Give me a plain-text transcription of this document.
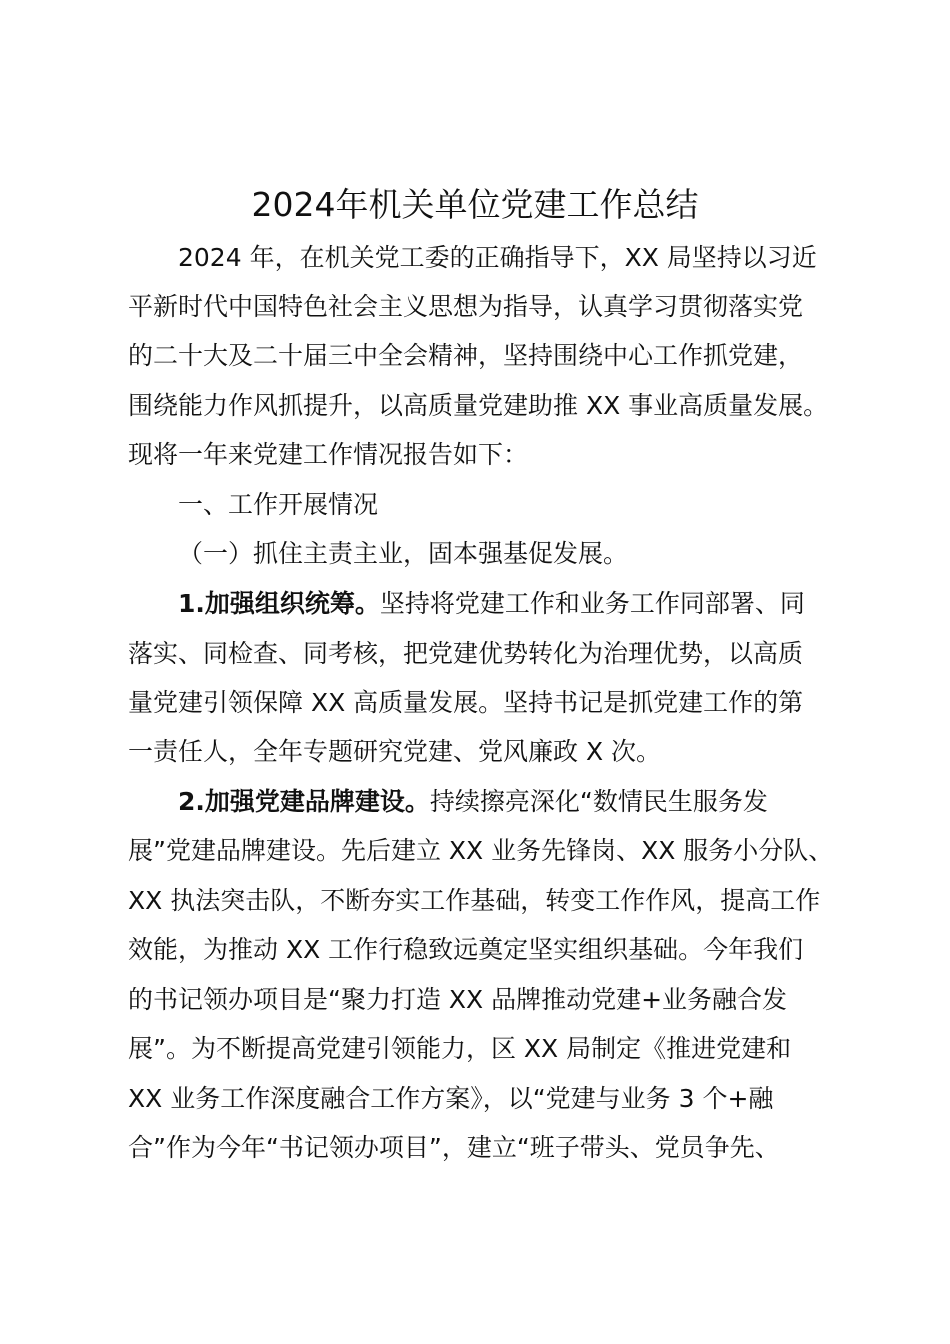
2024年机关单位党建工作总结

2024 年，在机关党工委的正确指导下，XX 局坚持以习近

平新时代中国特色社会主义思想为指导，认真学习贯彻落实党

的二十大及二十届三中全会精神，坚持围绕中心工作抓党建，

围绕能力作风抓提升，以高质量党建助推 XX 事业高质量发展。

现将一年来党建工作情况报告如下：

一、工作开展情况

（一）抓住主责主业，固本强基促发展。

1.加强组织统筹。坚持将党建工作和业务工作同部署、同

落实、同检查、同考核，把党建优势转化为治理优势，以高质

量党建引领保障 XX 高质量发展。坚持书记是抓党建工作的第

一责任人，全年专题研究党建、党风廉政 X 次。

2.加强党建品牌建设。持续擦亮深化“数情民生服务发

展”党建品牌建设。先后建立 XX 业务先锋岗、XX 服务小分队、

XX 执法突击队，不断夯实工作基础，转变工作作风，提高工作

效能，为推动 XX 工作行稳致远奠定坚实组织基础。今年我们

的书记领办项目是“聚力打造 XX 品牌推动党建+业务融合发

展”。为不断提高党建引领能力，区 XX 局制定《推进党建和

XX 业务工作深度融合工作方案》，以“党建与业务 3 个+融

合”作为今年“书记领办项目”，建立“班子带头、党员争先、
